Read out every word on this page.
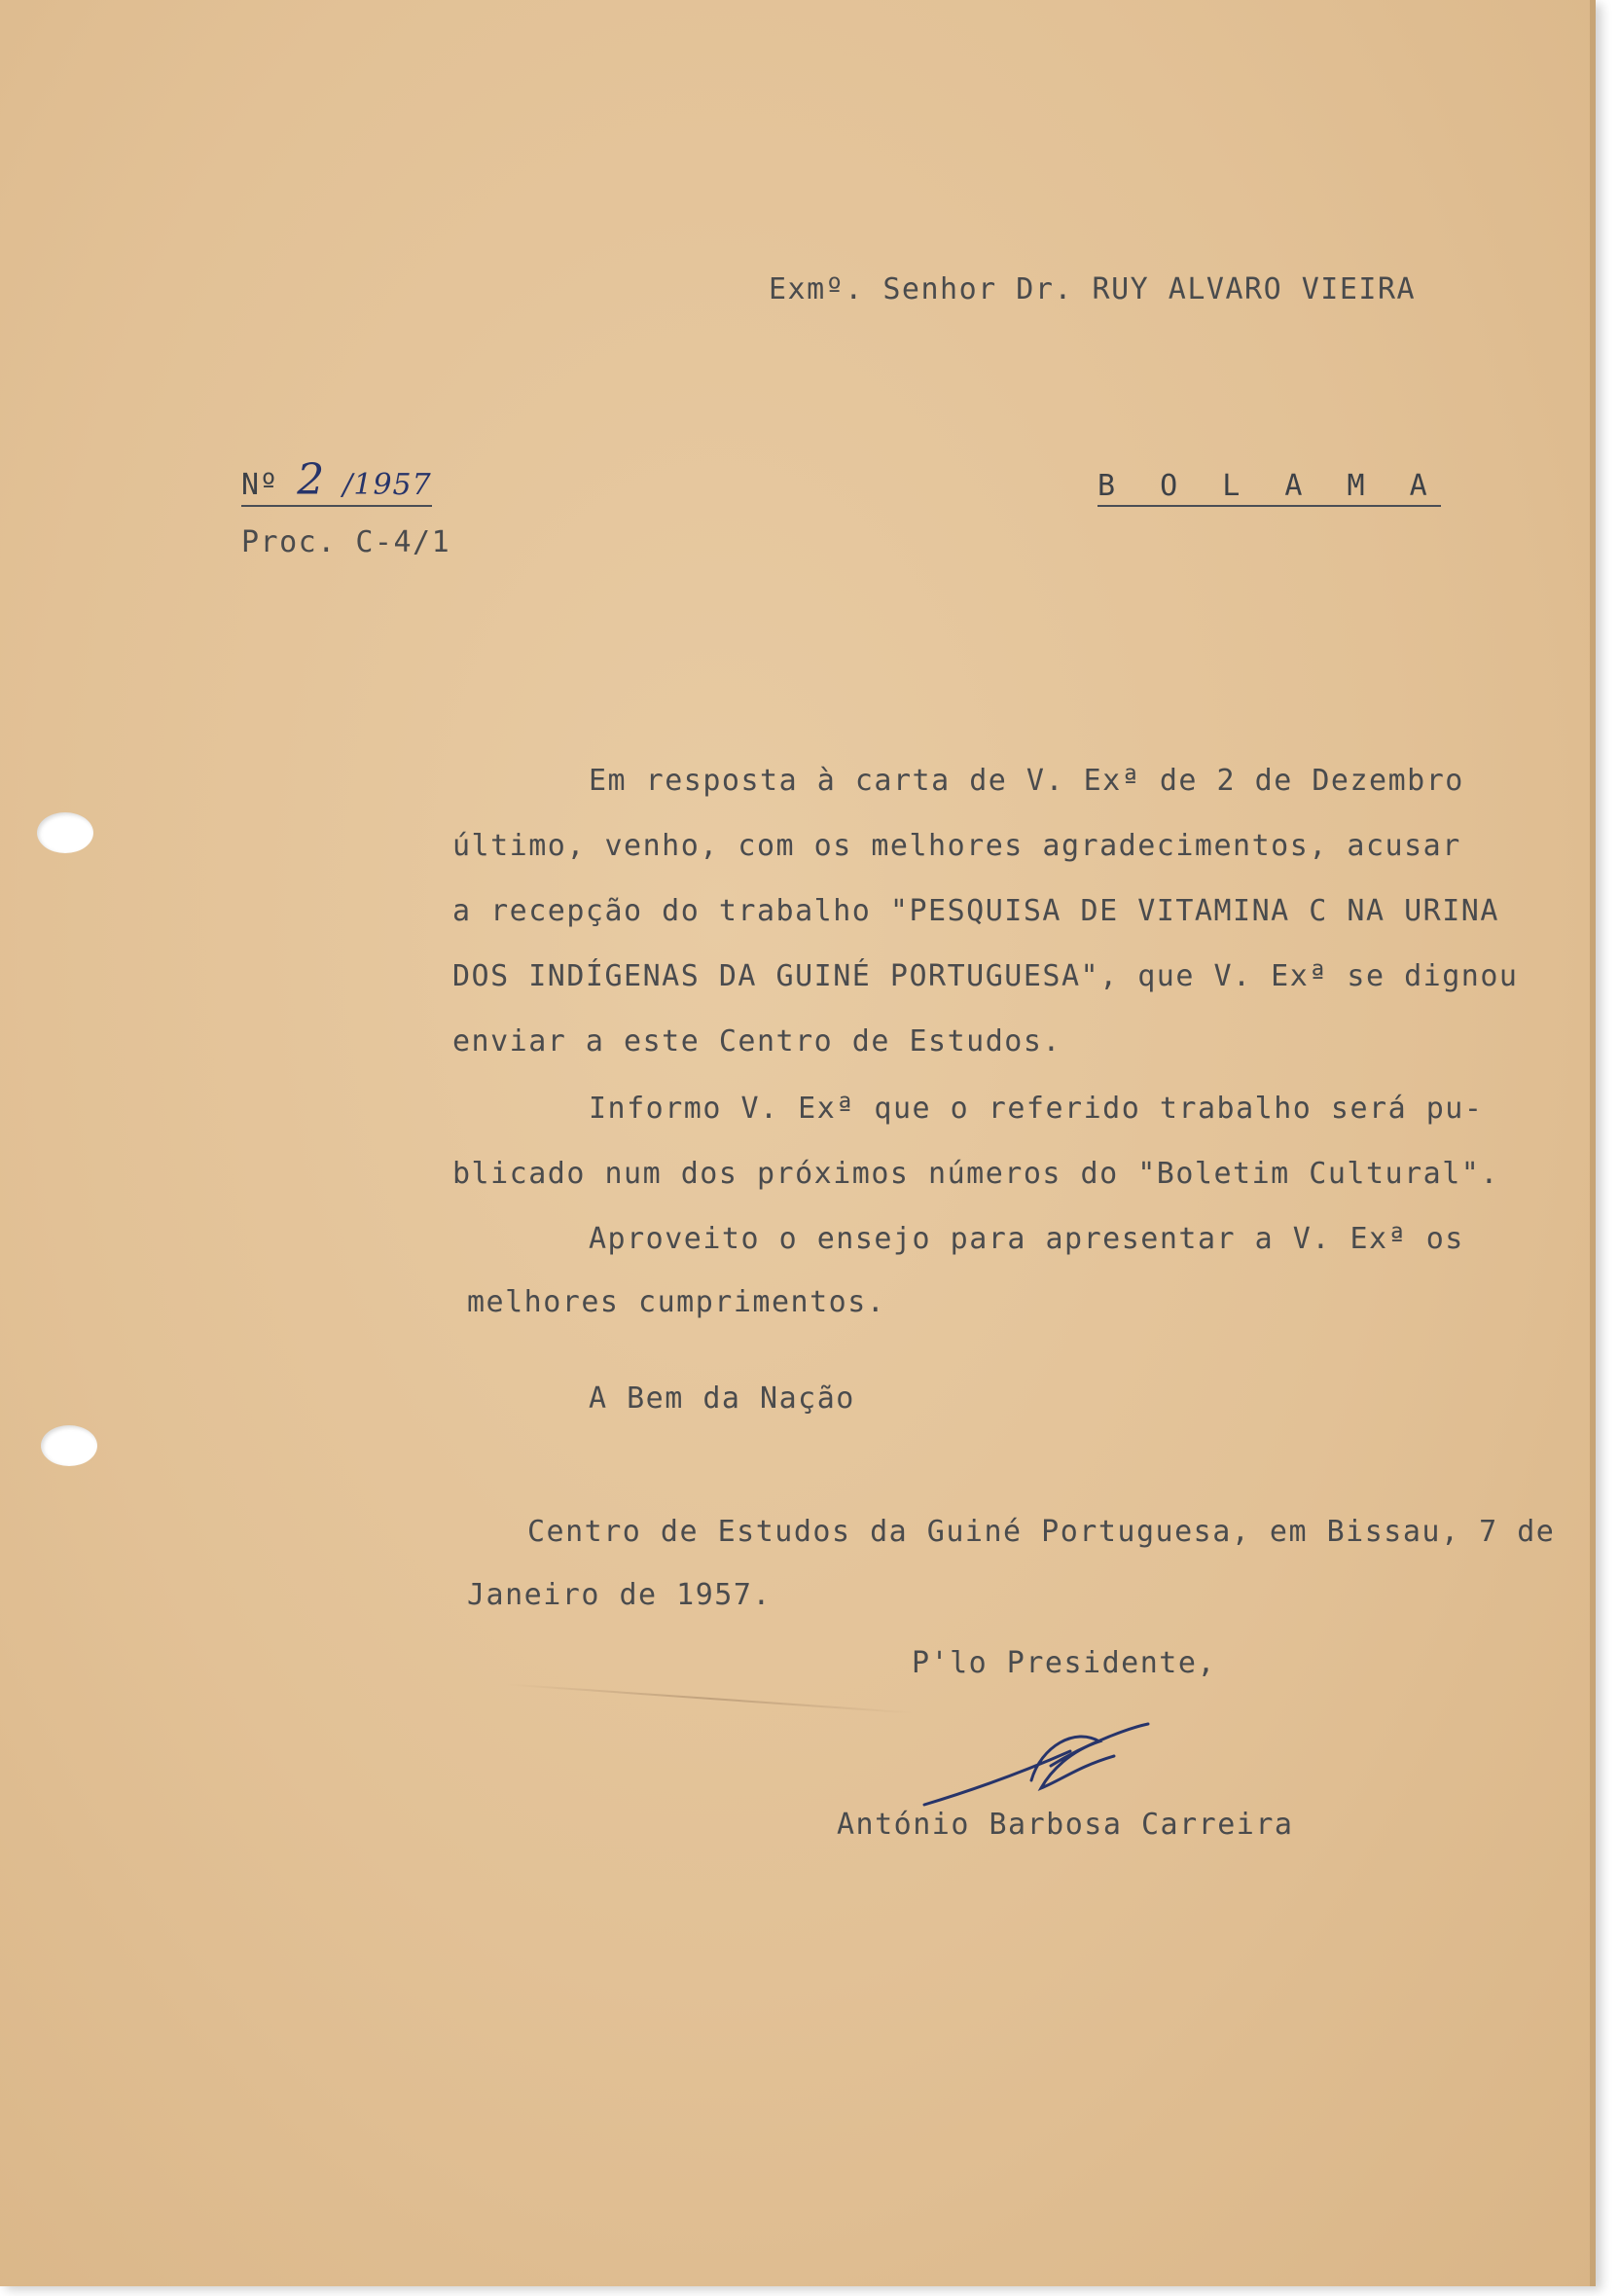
Exmº. Senhor Dr. RUY ALVARO VIEIRA
Nº 2 /1957	B O L A M A
Proc. C-4/1
Em resposta à carta de V. Exª de 2 de Dezembro
último, venho, com os melhores agradecimentos, acusar
a recepção do trabalho "PESQUISA DE VITAMINA C NA URINA
DOS INDÍGENAS DA GUINÉ PORTUGUESA", que V. Exª se dignou
enviar a este Centro de Estudos.
Informo V. Exª que o referido trabalho será pu-
blicado num dos próximos números do "Boletim Cultural".
Aproveito o ensejo para apresentar a V. Exª os
melhores cumprimentos.
A Bem da Nação
Centro de Estudos da Guiné Portuguesa, em Bissau, 7 de
Janeiro de 1957.
P'lo Presidente,
António Barbosa Carreira
